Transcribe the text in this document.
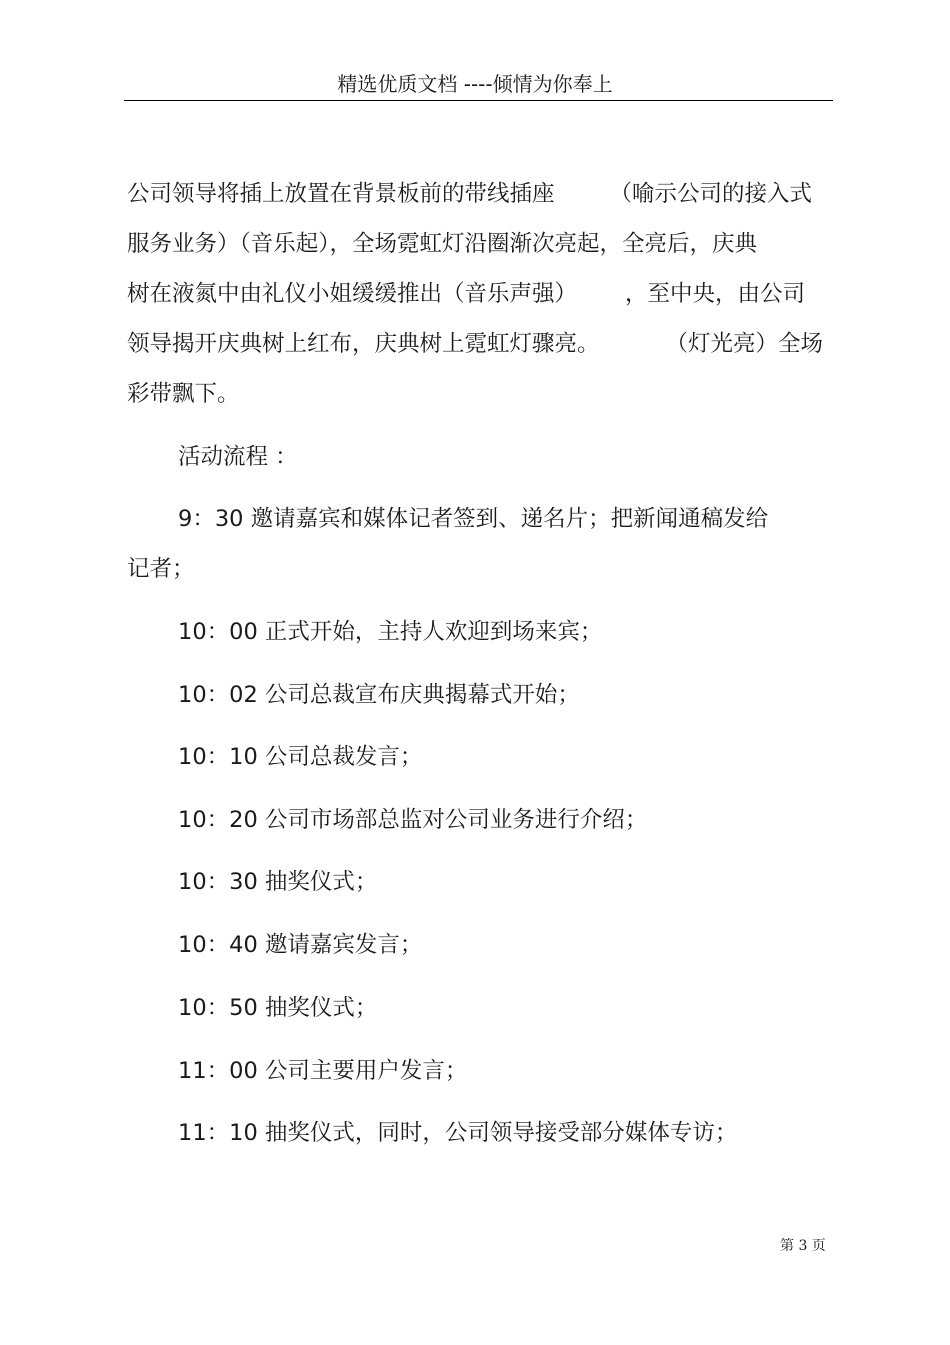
精选优质文档 ----倾情为你奉上
公司领导将插上放置在背景板前的带线插座 （喻示公司的接入式
服务业务）（音乐起），全场霓虹灯沿圈渐次亮起，全亮后，庆典
树在液氮中由礼仪小姐缓缓推出（音乐声强） ，至中央，由公司
领导揭开庆典树上红布，庆典树上霓虹灯骤亮。	（灯光亮）全场
彩带飘下。
活动流程 ：
9：30 邀请嘉宾和媒体记者签到、递名片；把新闻通稿发给
记者；
10：00 正式开始，主持人欢迎到场来宾；
10：02 公司总裁宣布庆典揭幕式开始；
10：10 公司总裁发言；
10：20 公司市场部总监对公司业务进行介绍；
10：30 抽奖仪式；
10：40 邀请嘉宾发言；
10：50 抽奖仪式；
11：00 公司主要用户发言；
11：10 抽奖仪式，同时，公司领导接受部分媒体专访；
第 3 页
